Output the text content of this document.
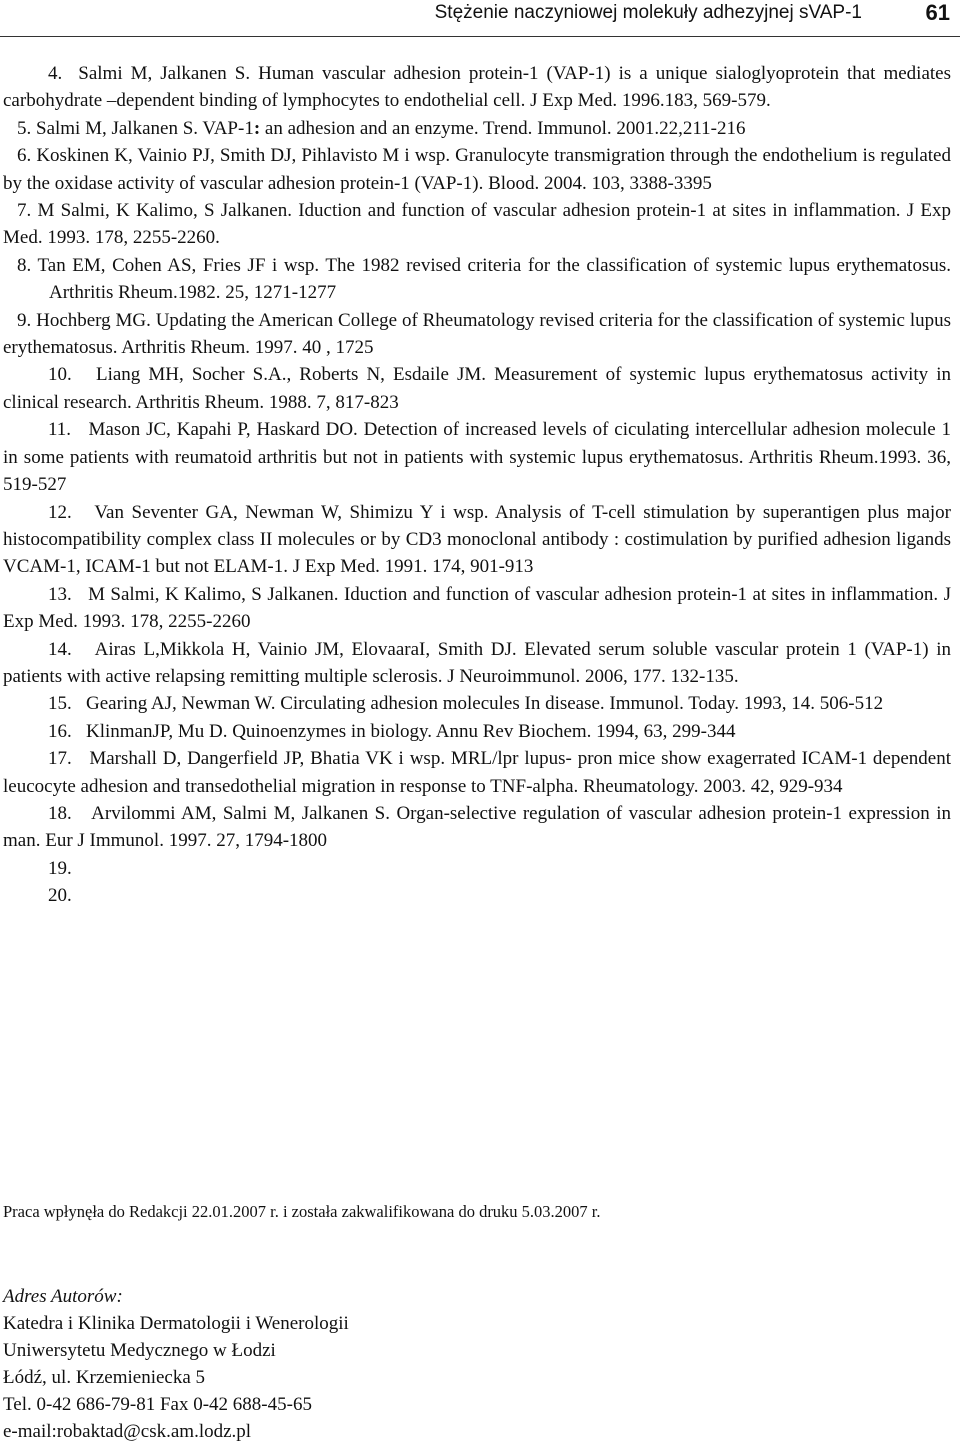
Stężenie naczyniowej molekuły adhezyjnej sVAP-1	61
4. Salmi M, Jalkanen S. Human vascular adhesion protein-1 (VAP-1) is a unique sialoglyoprotein that mediates carbohydrate –dependent binding of lymphocytes to endothelial cell. J Exp Med. 1996.183, 569-579.
5. Salmi M, Jalkanen S. VAP-1: an adhesion and an enzyme. Trend. Immunol. 2001.22,211-216
6. Koskinen K, Vainio PJ, Smith DJ, Pihlavisto M i wsp. Granulocyte transmigration through the endothelium is regulated by the oxidase activity of vascular adhesion protein-1 (VAP-1). Blood. 2004. 103, 3388-3395
7. M Salmi, K Kalimo, S Jalkanen. Iduction and function of vascular adhesion protein-1 at sites in inflammation. J Exp Med. 1993. 178, 2255-2260.
8. Tan EM, Cohen AS, Fries JF i wsp. The 1982 revised criteria for the classification of systemic lupus erythematosus. Arthritis Rheum.1982. 25, 1271-1277
9. Hochberg MG. Updating the American College of Rheumatology revised criteria for the classification of systemic lupus erythematosus. Arthritis Rheum. 1997. 40 , 1725
10. Liang MH, Socher S.A., Roberts N, Esdaile JM. Measurement of systemic lupus erythematosus activity in clinical research. Arthritis Rheum. 1988. 7, 817-823
11. Mason JC, Kapahi P, Haskard DO. Detection of increased levels of ciculating intercellular adhesion molecule 1 in some patients with reumatoid arthritis but not in patients with systemic lupus erythematosus. Arthritis Rheum.1993. 36, 519-527
12. Van Seventer GA, Newman W, Shimizu Y i wsp. Analysis of T-cell stimulation by superantigen plus major histocompatibility complex class II molecules or by CD3 monoclonal antibody : costimulation by purified adhesion ligands VCAM-1, ICAM-1 but not ELAM-1. J Exp Med. 1991. 174, 901-913
13. M Salmi, K Kalimo, S Jalkanen. Iduction and function of vascular adhesion protein-1 at sites in inflammation. J Exp Med. 1993. 178, 2255-2260
14. Airas L,Mikkola H, Vainio JM, ElovaaraI, Smith DJ. Elevated serum soluble vascular protein 1 (VAP-1) in patients with active relapsing remitting multiple sclerosis. J Neuroimmunol. 2006, 177. 132-135.
15. Gearing AJ, Newman W. Circulating adhesion molecules In disease. Immunol. Today. 1993, 14. 506-512
16. KlinmanJP, Mu D. Quinoenzymes in biology. Annu Rev Biochem. 1994, 63, 299-344
17. Marshall D, Dangerfield JP, Bhatia VK i wsp. MRL/lpr lupus- pron mice show exagerrated ICAM-1 dependent leucocyte adhesion and transedothelial migration in response to TNF-alpha. Rheumatology. 2003. 42, 929-934
18. Arvilommi AM, Salmi M, Jalkanen S. Organ-selective regulation of vascular adhesion protein-1 expression in man. Eur J Immunol. 1997. 27, 1794-1800
19.
20.

Praca wpłynęła do Redakcji 22.01.2007 r. i została zakwalifikowana do druku 5.03.2007 r.
Adres Autorów:
Katedra i Klinika Dermatologii i Wenerologii
Uniwersytetu Medycznego w Łodzi
Łódź, ul. Krzemieniecka 5
Tel. 0-42 686-79-81 Fax 0-42 688-45-65
e-mail:robaktad@csk.am.lodz.pl
